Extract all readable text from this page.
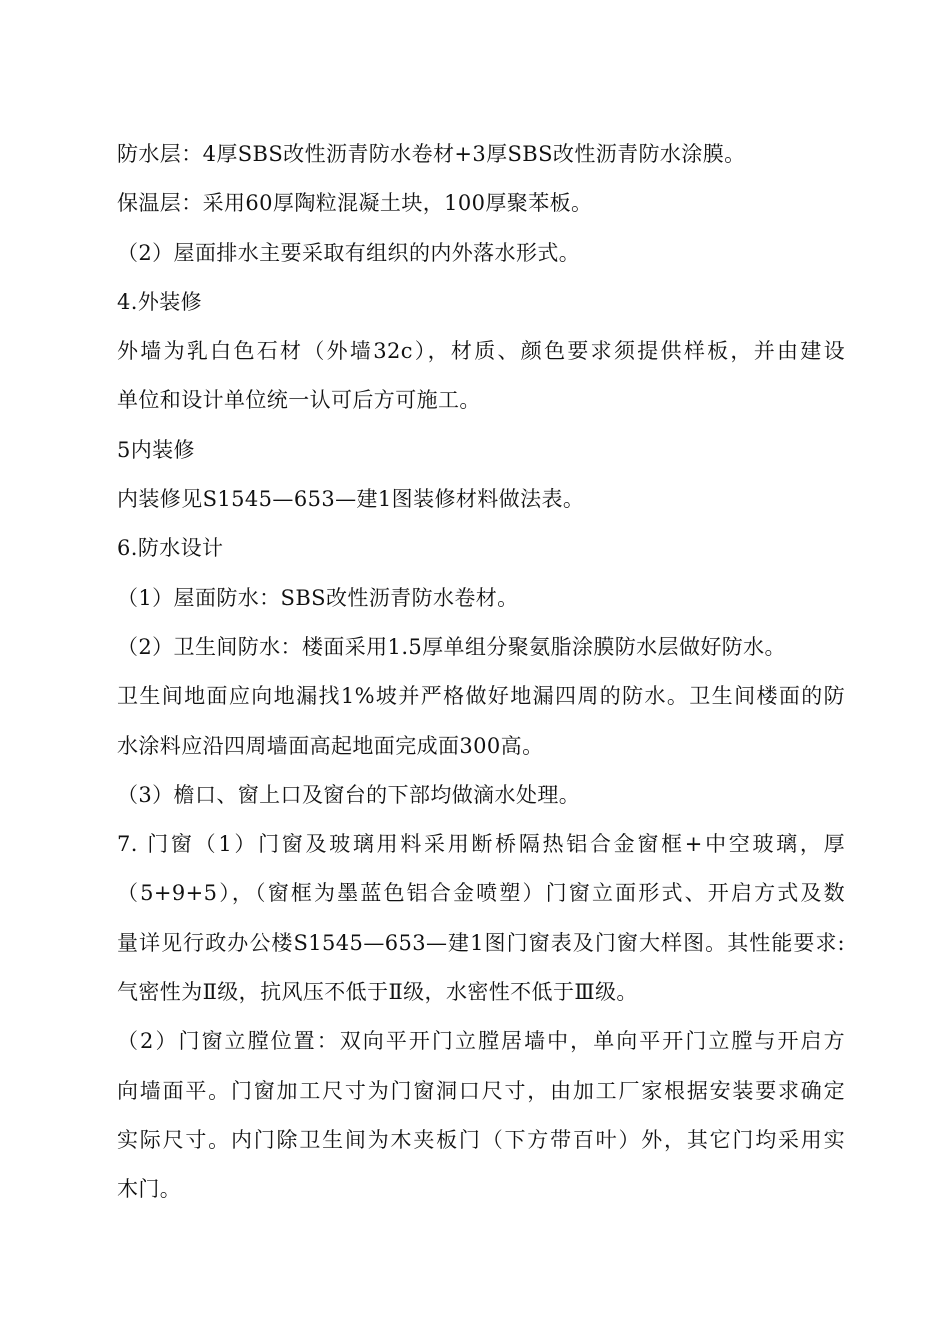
防水层：4厚SBS改性沥青防水卷材+3厚SBS改性沥青防水涂膜。
保温层：采用60厚陶粒混凝土块，100厚聚苯板。
（2）屋面排水主要采取有组织的内外落水形式。
4.外装修
外墙为乳白色石材（外墙32c），材质、颜色要求须提供样板，并由建设
单位和设计单位统一认可后方可施工。
5内装修
内装修见S1545—653—建1图装修材料做法表。
6.防水设计
（1）屋面防水：SBS改性沥青防水卷材。
（2）卫生间防水：楼面采用1.5厚单组分聚氨脂涂膜防水层做好防水。
卫生间地面应向地漏找1%坡并严格做好地漏四周的防水。卫生间楼面的防
水涂料应沿四周墙面高起地面完成面300高。
（3）檐口、窗上口及窗台的下部均做滴水处理。
7. 门窗（1）门窗及玻璃用料采用断桥隔热铝合金窗框+中空玻璃，厚
（5+9+5），（窗框为墨蓝色铝合金喷塑）门窗立面形式、开启方式及数
量详见行政办公楼S1545—653—建1图门窗表及门窗大样图。其性能要求:
气密性为Ⅱ级，抗风压不低于Ⅱ级，水密性不低于Ⅲ级。
（2）门窗立膛位置：双向平开门立膛居墙中，单向平开门立膛与开启方
向墙面平。门窗加工尺寸为门窗洞口尺寸，由加工厂家根据安装要求确定
实际尺寸。内门除卫生间为木夹板门（下方带百叶）外，其它门均采用实
木门。
